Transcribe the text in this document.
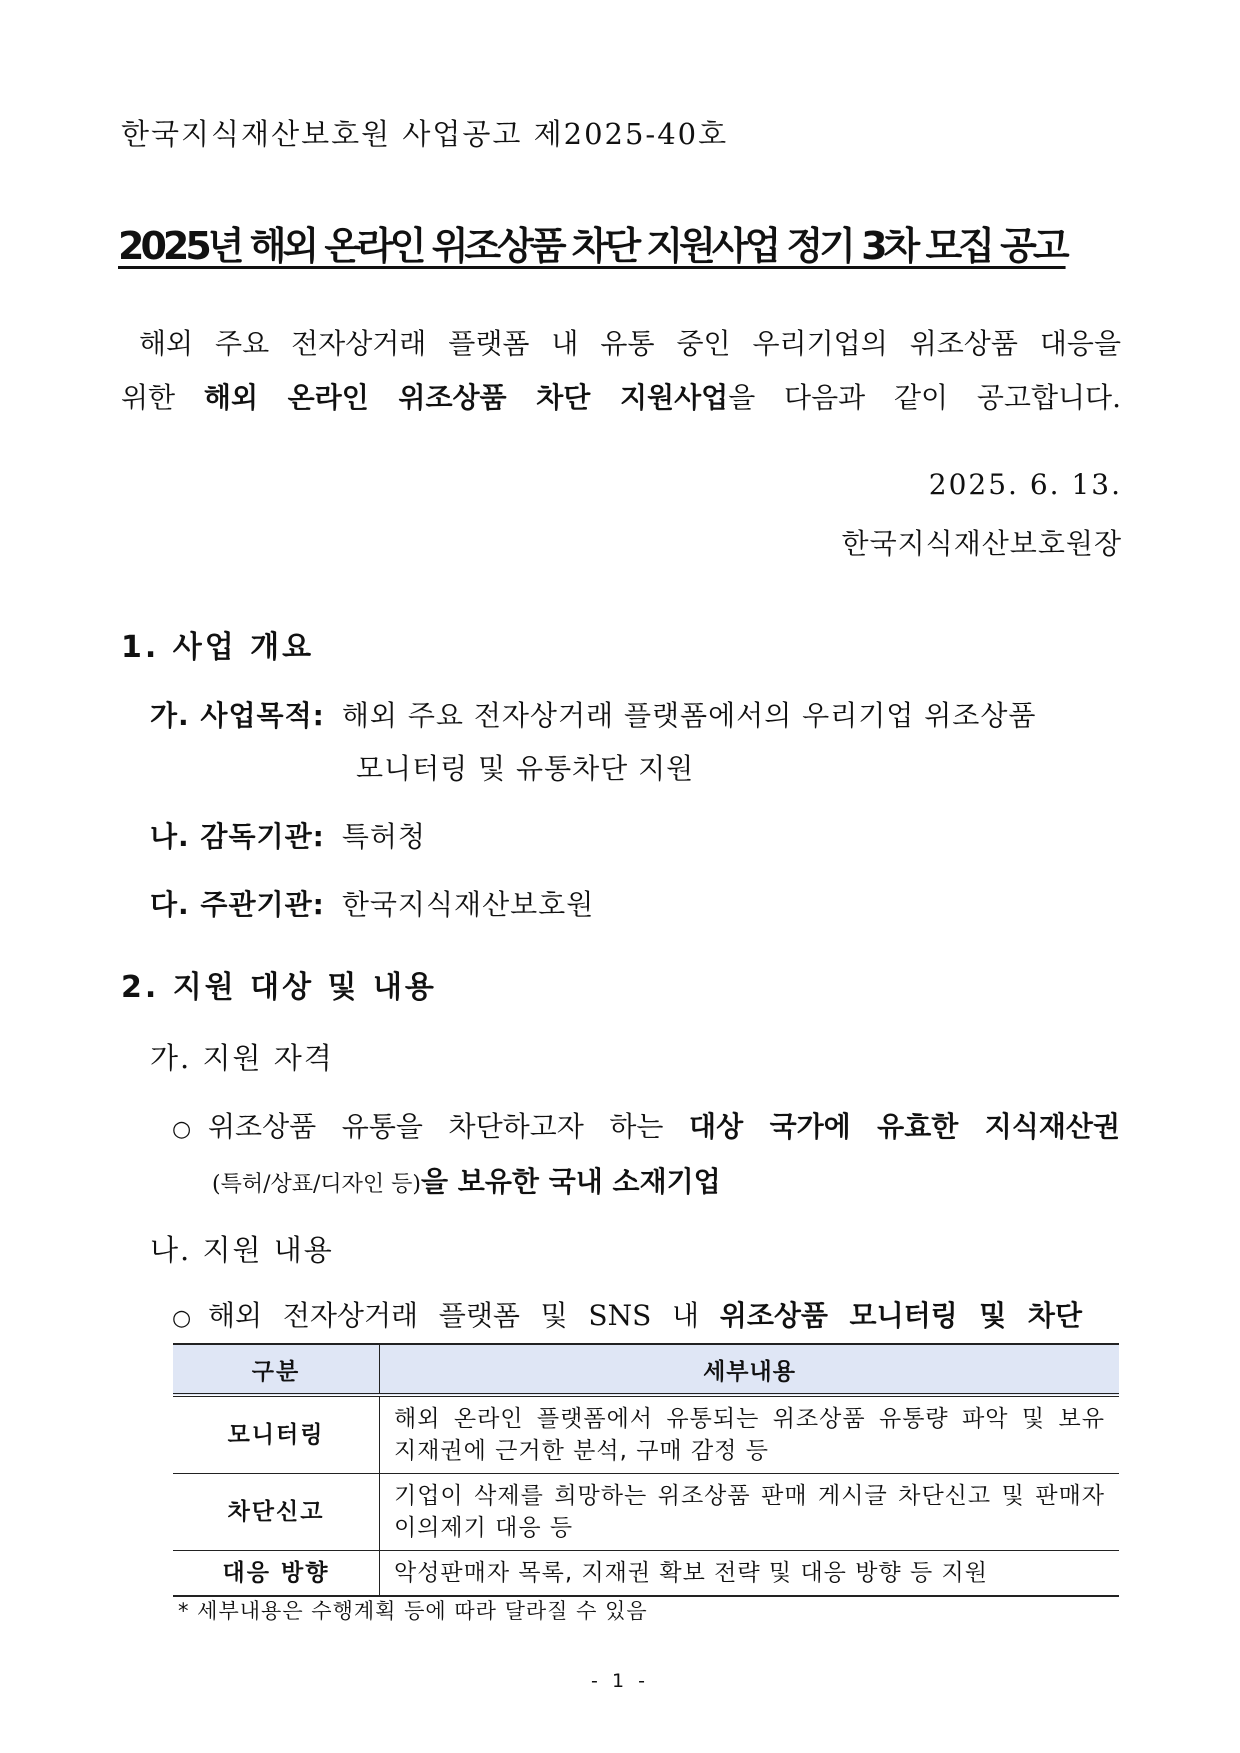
한국지식재산보호원 사업공고 제2025-40호
2025년 해외 온라인 위조상품 차단 지원사업 정기 3차 모집 공고
해외 주요 전자상거래 플랫폼 내 유통 중인 우리기업의 위조상품 대응을
위한 해외 온라인 위조상품 차단 지원사업을 다음과 같이 공고합니다.
2025. 6. 13.
한국지식재산보호원장
1. 사업 개요
가. 사업목적: 해외 주요 전자상거래 플랫폼에서의 우리기업 위조상품
모니터링 및 유통차단 지원
나. 감독기관: 특허청
다. 주관기관: 한국지식재산보호원
2. 지원 대상 및 내용
가. 지원 자격
○ 위조상품 유통을 차단하고자 하는 대상 국가에 유효한 지식재산권
(특허/상표/디자인 등)을 보유한 국내 소재기업
나. 지원 내용
○ 해외 전자상거래 플랫폼 및 SNS 내 위조상품 모니터링 및 차단
구분	세부내용
모니터링	해외 온라인 플랫폼에서 유통되는 위조상품 유통량 파악 및 보유
지재권에 근거한 분석, 구매 감정 등

차단신고	기업이 삭제를 희망하는 위조상품 판매 게시글 차단신고 및 판매자
이의제기 대응 등

대응 방향	악성판매자 목록, 지재권 확보 전략 및 대응 방향 등 지원
* 세부내용은 수행계획 등에 따라 달라질 수 있음
- 1 -
